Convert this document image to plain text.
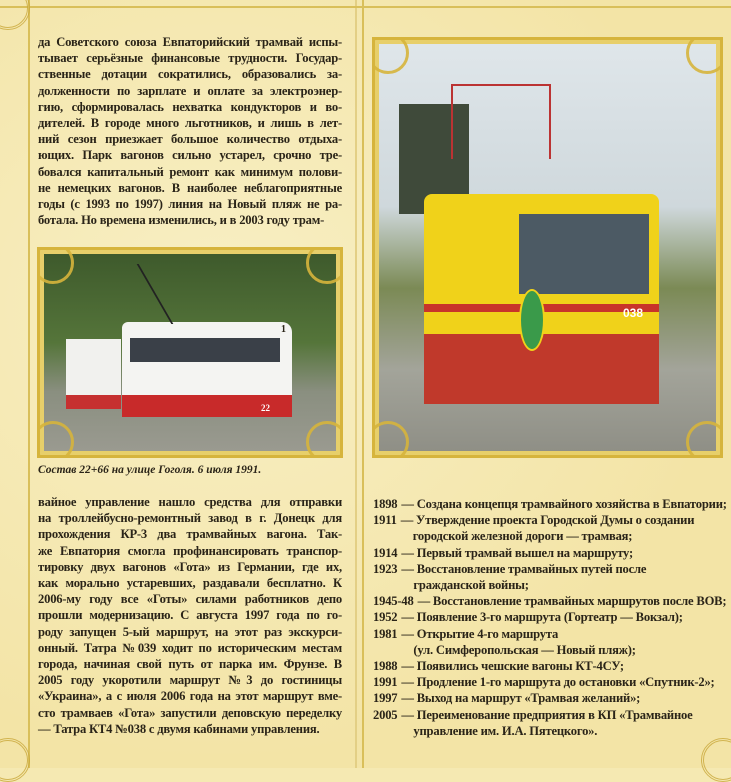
да Советского союза Евпаторийский трамвай испы-
тывает серьёзные финансовые трудности. Государ-
ственные дотации сократились, образовались за-
долженности по зарплате и оплате за электроэнер-
гию, сформировалась нехватка кондукторов и во-
дителей. В городе много льготников, и лишь в лет-
ний сезон приезжает большое количество отдыха-
ющих. Парк вагонов сильно устарел, срочно тре-
бовался капитальный ремонт как минимум полови-
не немецких вагонов. В наиболее неблагоприятные
годы (с 1993 по 1997) линия на Новый пляж не ра-
ботала. Но времена изменились, и в 2003 году трам-
1
22
Состав 22+66 на улице Гоголя. 6 июля 1991.
вайное управление нашло средства для отправки
на троллейбусно-ремонтный завод в г. Донецк для
прохождения КР-3 два трамвайных вагона. Так-
же Евпатория смогла профинансировать транспор-
тировку двух вагонов «Гота» из Германии, где их,
как морально устаревших, раздавали бесплатно. К
2006-му году все «Готы» силами работников депо
прошли модернизацию. С августа 1997 года по го-
роду запущен 5-ый маршрут, на этот раз экскурси-
онный. Татра №039 ходит по историческим местам
города, начиная свой путь от парка им. Фрунзе. В
2005 году укоротили маршрут №3 до гостиницы
«Украина», а с июля 2006 года на этот маршрут вме-
сто трамваев «Гота» запустили деповскую переделку
— Татра КТ4 №038 с двумя кабинами управления.
038
1898 — Создана концепця трамвайного хозяйства в Евпатории;
1911 — Утверждение проекта Городской Думы о создании
городской железной дороги — трамвая;
1914 — Первый трамвай вышел на маршруту;
1923 — Восстановление трамвайных путей после
гражданской войны;
1945-48 — Восстановление трамвайных маршрутов после ВОВ;
1952 — Появление 3-го маршрута (Гортеатр — Вокзал);
1981 — Открытие 4-го маршрута
(ул. Симферопольская — Новый пляж);
1988 — Появились чешские вагоны КТ-4СУ;
1991 — Продление 1-го маршрута до остановки «Спутник-2»;
1997 — Выход на маршрут «Трамвая желаний»;
2005 — Переименование предприятия в КП «Трамвайное
управление им. И.А. Пятецкого».
